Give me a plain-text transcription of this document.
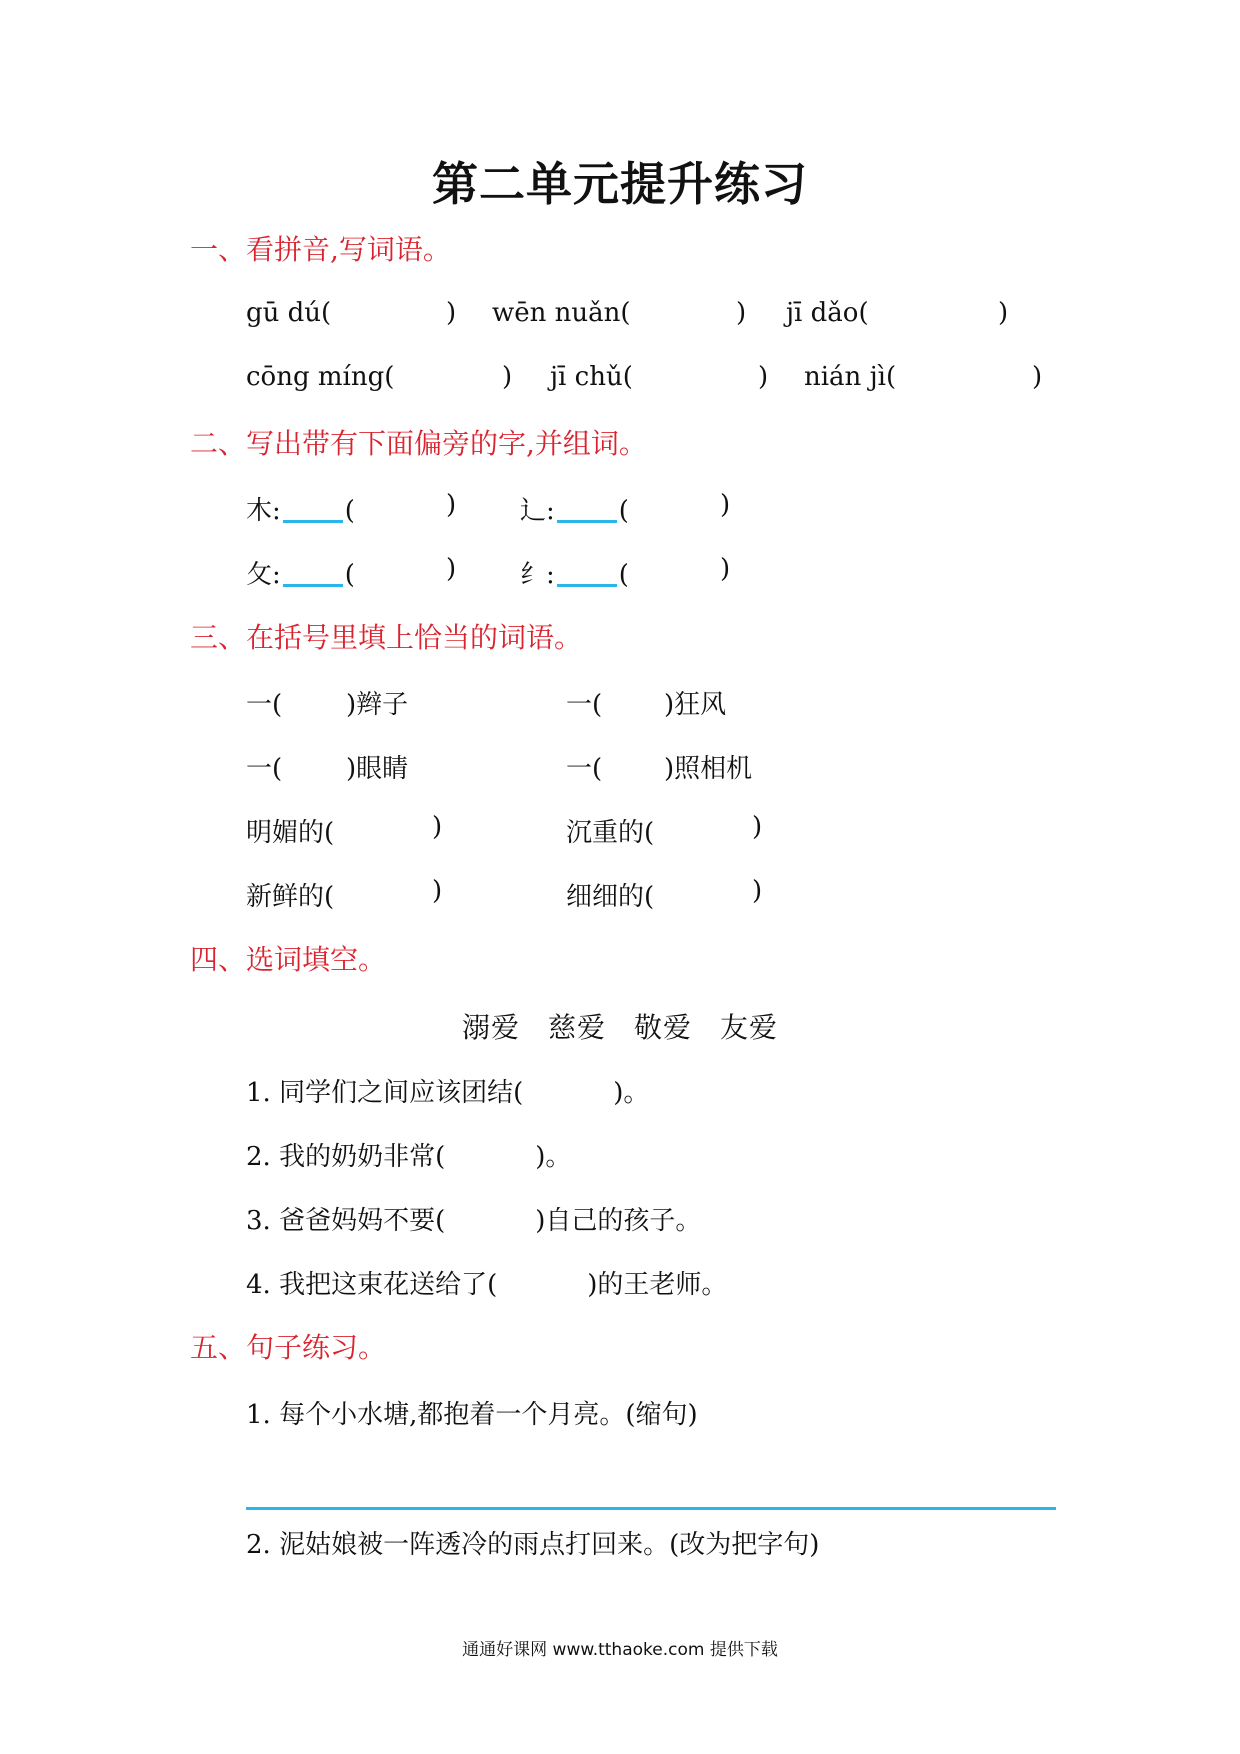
第二单元提升练习
一、看拼音,写词语。
gū dú(	) wēn nuǎn(	) jī dǎo(	)
cōng míng(	) jī chǔ(	) nián jì(	)
二、写出带有下面偏旁的字,并组词。
木: (	) 辶: (	)
攵: (	) 纟: (	)
三、在括号里填上恰当的词语。
一( )辫子	一( )狂风
一( )眼睛	一( )照相机
明媚的(	)	沉重的(	)
新鲜的(	)	细细的(	)
四、选词填空。
溺爱 慈爱 敬爱 友爱
1. 同学们之间应该团结(	)。
2. 我的奶奶非常(	)。
3. 爸爸妈妈不要(	)自己的孩子。
4. 我把这束花送给了(	)的王老师。
五、句子练习。
1. 每个小水塘,都抱着一个月亮。(缩句)
2. 泥姑娘被一阵透冷的雨点打回来。(改为把字句)
通通好课网 www.tthaoke.com 提供下载
